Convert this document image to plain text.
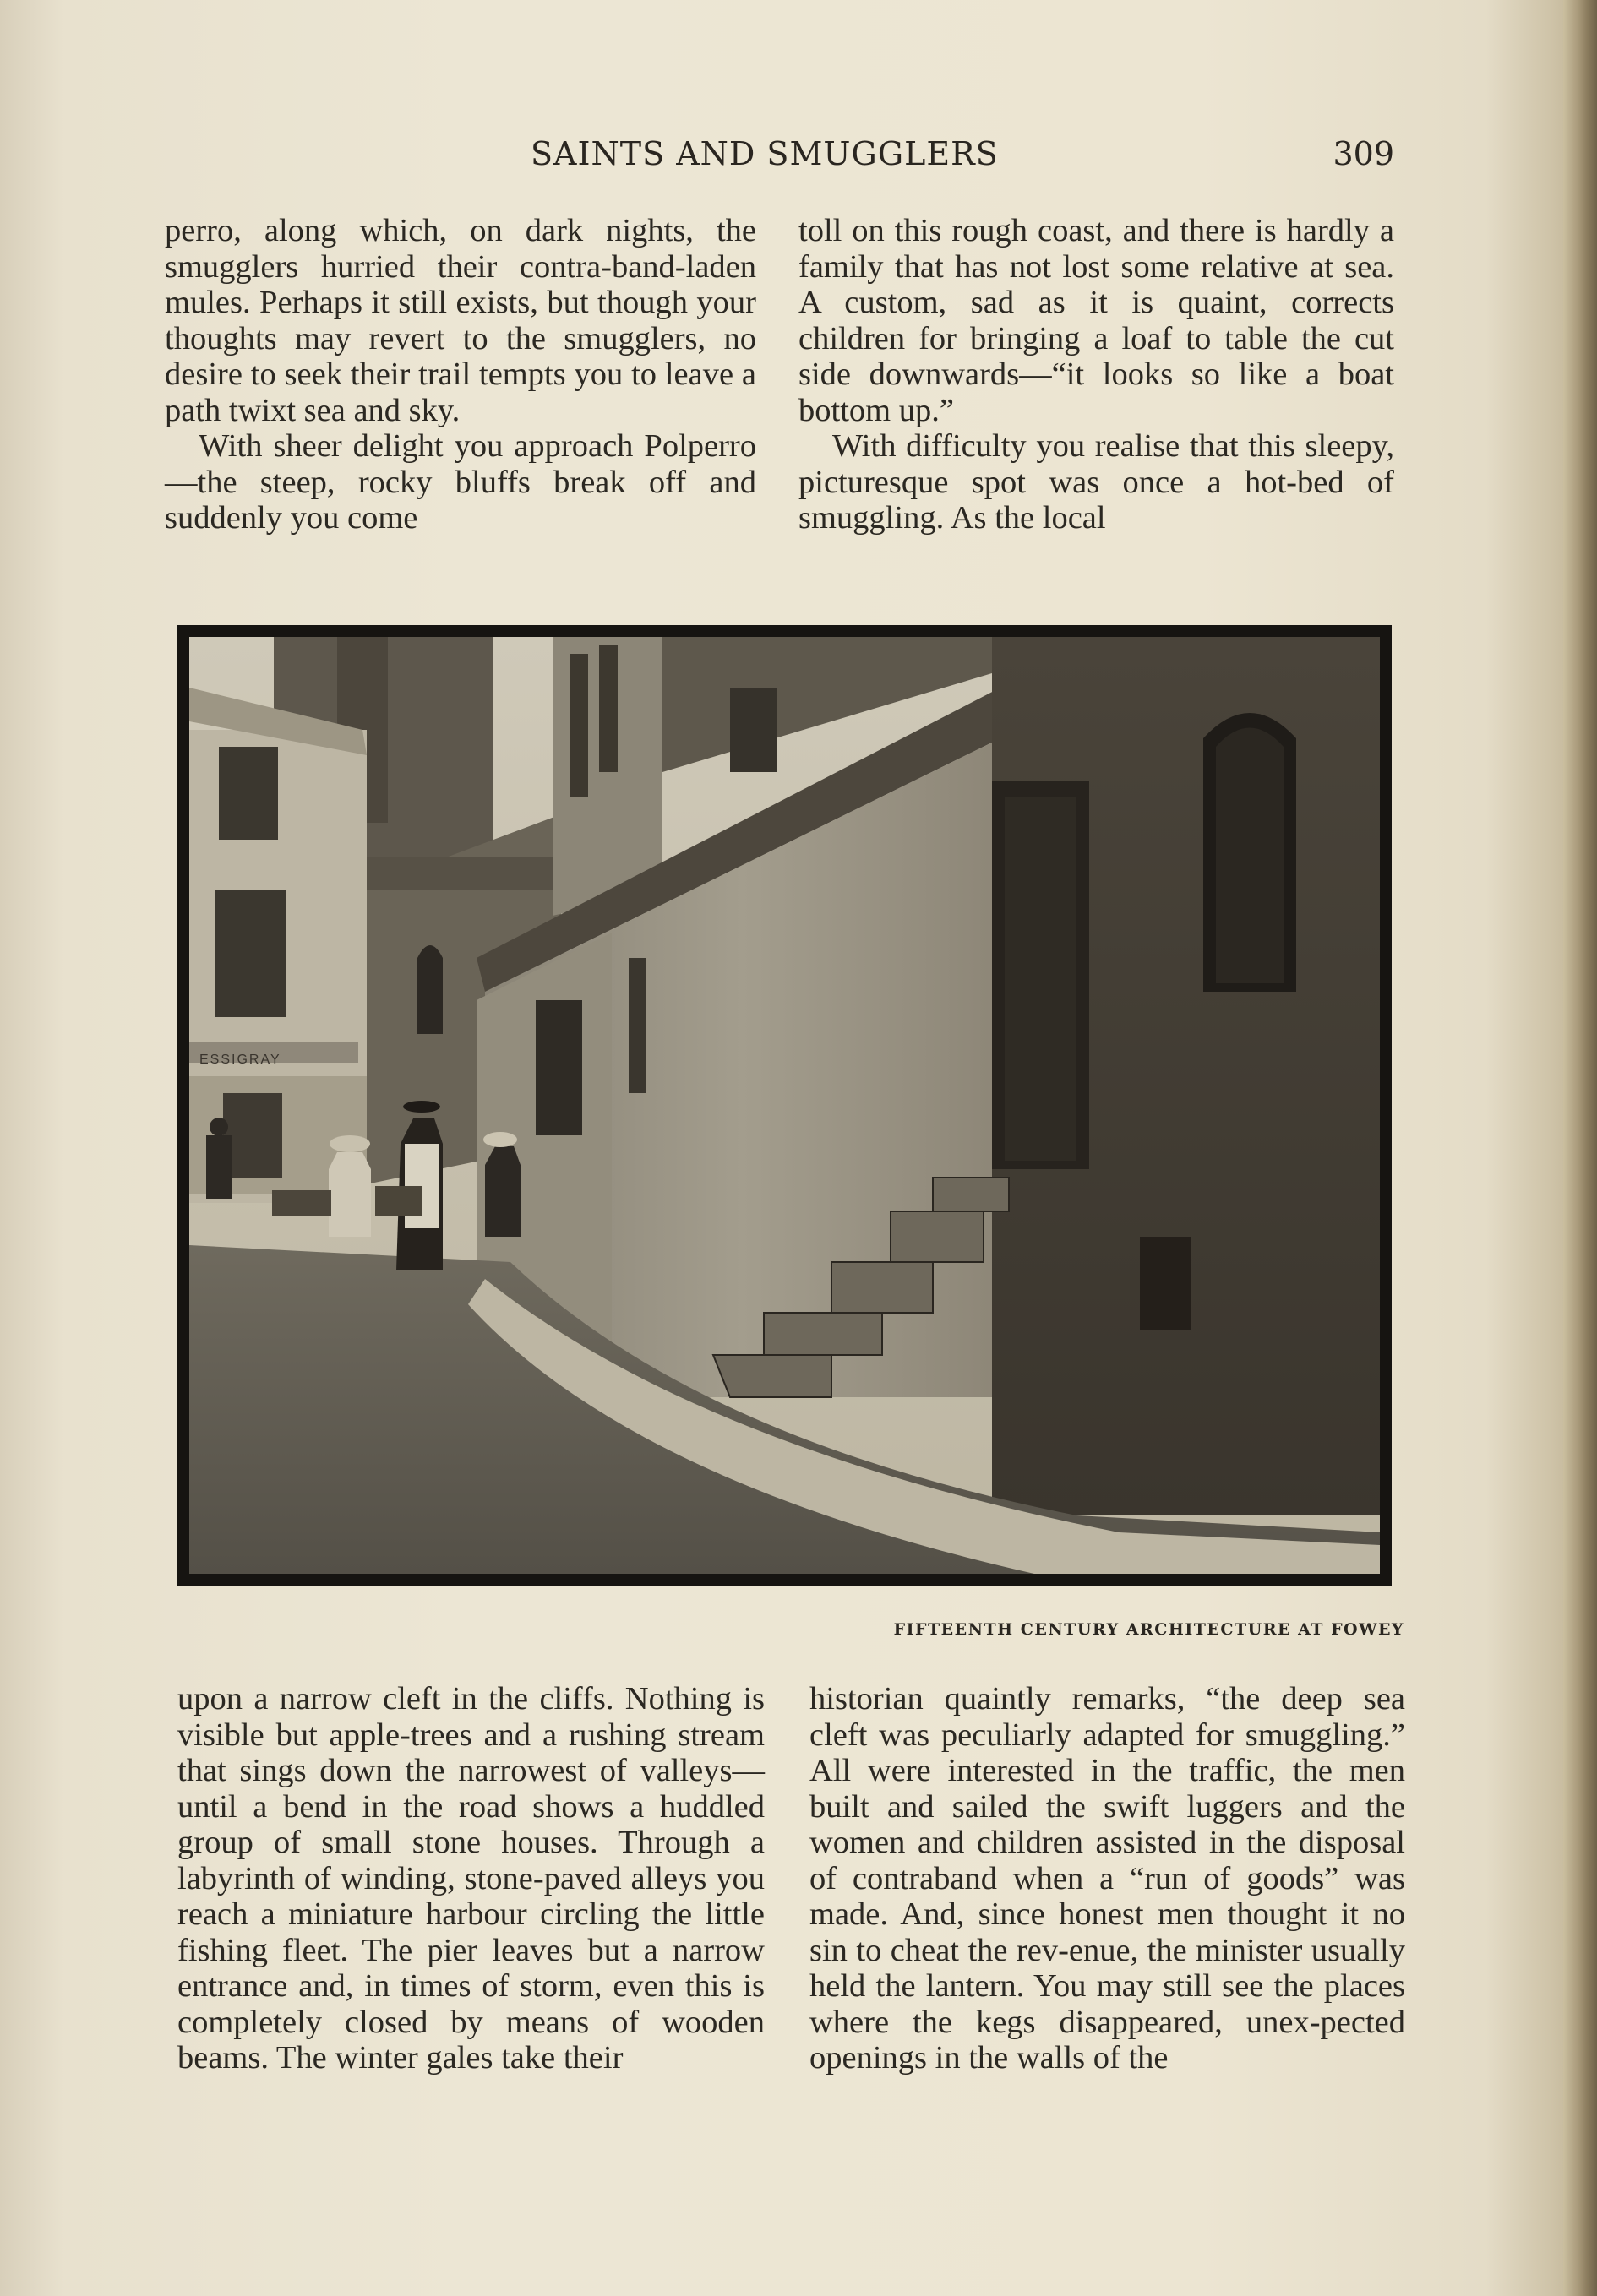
SAINTS AND SMUGGLERS	309

perro, along which, on dark nights, the smugglers hurried their contra-band-laden mules. Perhaps it still exists, but though your thoughts may revert to the smugglers, no desire to seek their trail tempts you to leave a path twixt sea and sky.

With sheer delight you approach Polperro—the steep, rocky bluffs break off and suddenly you come

toll on this rough coast, and there is hardly a family that has not lost some relative at sea. A custom, sad as it is quaint, corrects children for bringing a loaf to table the cut side downwards—“it looks so like a boat bottom up.”

With difficulty you realise that this sleepy, picturesque spot was once a hot-bed of smuggling. As the local

ESSIGRAY
FIFTEENTH CENTURY ARCHITECTURE AT FOWEY

upon a narrow cleft in the cliffs. Nothing is visible but apple-trees and a rushing stream that sings down the narrowest of valleys—until a bend in the road shows a huddled group of small stone houses. Through a labyrinth of winding, stone-paved alleys you reach a miniature harbour circling the little fishing fleet. The pier leaves but a narrow entrance and, in times of storm, even this is completely closed by means of wooden beams. The winter gales take their

historian quaintly remarks, “the deep sea cleft was peculiarly adapted for smuggling.” All were interested in the traffic, the men built and sailed the swift luggers and the women and children assisted in the disposal of contraband when a “run of goods” was made. And, since honest men thought it no sin to cheat the rev-enue, the minister usually held the lantern. You may still see the places where the kegs disappeared, unex-pected openings in the walls of the
